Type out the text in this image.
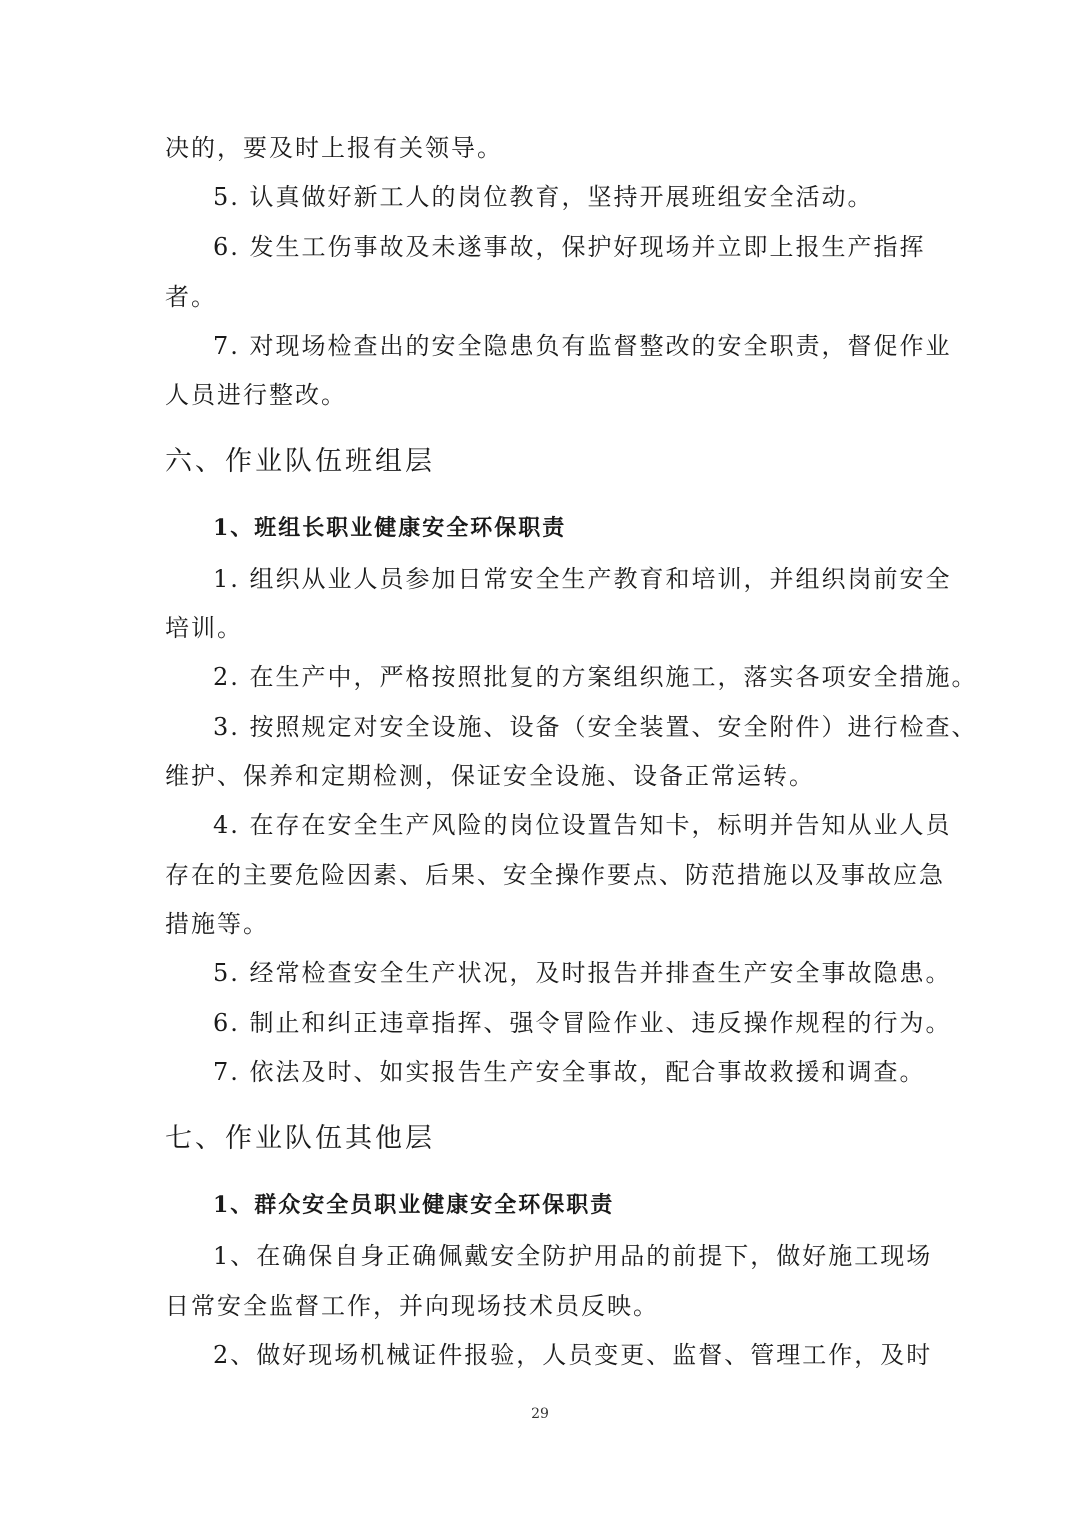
决的，要及时上报有关领导。
5. 认真做好新工人的岗位教育，坚持开展班组安全活动。
6. 发生工伤事故及未遂事故，保护好现场并立即上报生产指挥
者。
7. 对现场检查出的安全隐患负有监督整改的安全职责，督促作业
人员进行整改。
六、作业队伍班组层
1、班组长职业健康安全环保职责
1. 组织从业人员参加日常安全生产教育和培训，并组织岗前安全
培训。
2. 在生产中，严格按照批复的方案组织施工，落实各项安全措施。
3. 按照规定对安全设施、设备（安全装置、安全附件）进行检查、
维护、保养和定期检测，保证安全设施、设备正常运转。
4. 在存在安全生产风险的岗位设置告知卡，标明并告知从业人员
存在的主要危险因素、后果、安全操作要点、防范措施以及事故应急
措施等。
5. 经常检查安全生产状况，及时报告并排查生产安全事故隐患。
6. 制止和纠正违章指挥、强令冒险作业、违反操作规程的行为。
7. 依法及时、如实报告生产安全事故，配合事故救援和调查。
七、作业队伍其他层
1、群众安全员职业健康安全环保职责
1、在确保自身正确佩戴安全防护用品的前提下，做好施工现场
日常安全监督工作，并向现场技术员反映。
2、做好现场机械证件报验，人员变更、监督、管理工作，及时
29
